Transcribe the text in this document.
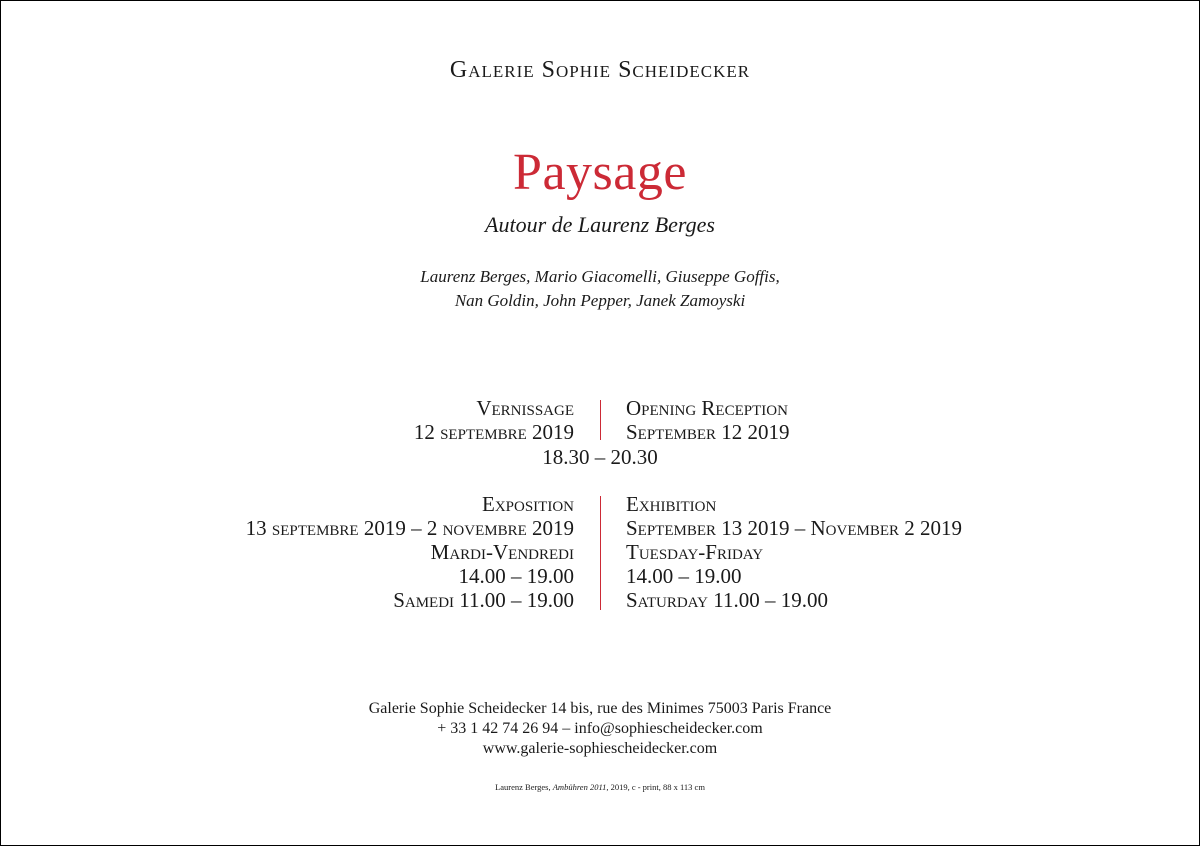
Galerie Sophie Scheidecker
Paysage
Autour de Laurenz Berges
Laurenz Berges, Mario Giacomelli, Giuseppe Goffis,
Nan Goldin, John Pepper, Janek Zamoyski
Vernissage
12 septembre 2019
Opening Reception
September 12 2019
18.30 – 20.30
Exposition
13 septembre 2019 – 2 novembre 2019
Mardi-Vendredi
14.00 – 19.00
Samedi 11.00 – 19.00
Exhibition
September 13 2019 – November 2 2019
Tuesday-Friday
14.00 – 19.00
Saturday 11.00 – 19.00
Galerie Sophie Scheidecker 14 bis, rue des Minimes 75003 Paris France
+ 33 1 42 74 26 94 – info@sophiescheidecker.com
www.galerie-sophiescheidecker.com
Laurenz Berges, Ambühren 2011, 2019, c - print, 88 x 113 cm
